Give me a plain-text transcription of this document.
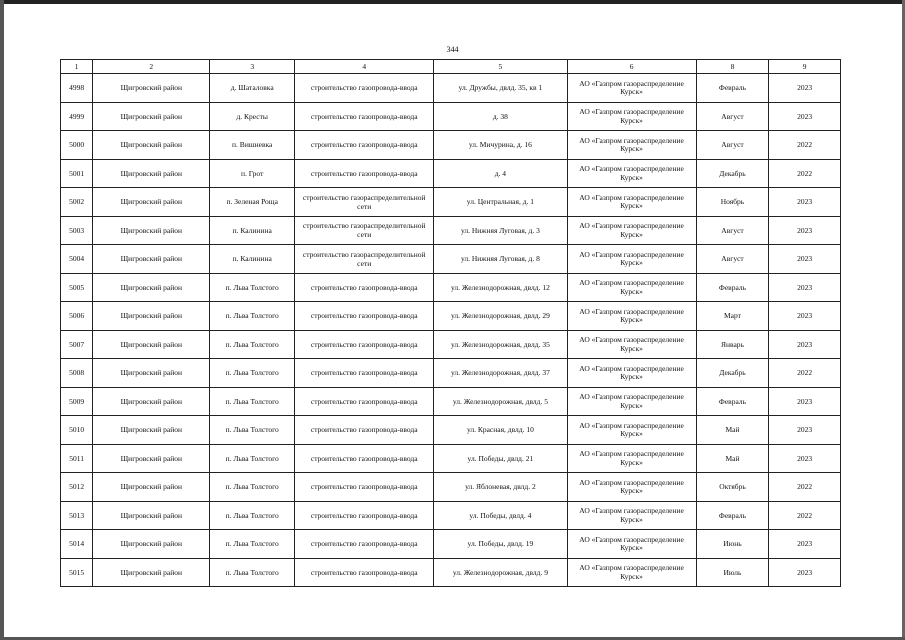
344
1	2	3	4	5	6	8	9
4998	Щигровский район	д. Шаталовка	строительство газопровода-ввода	ул. Дружбы, двлд. 35, кв 1	АО «Газпром газораспределение Курск»	Февраль	2023
4999	Щигровский район	д. Кресты	строительство газопровода-ввода	д. 38	АО «Газпром газораспределение Курск»	Август	2023
5000	Щигровский район	п. Вишневка	строительство газопровода-ввода	ул. Мичурина, д. 16	АО «Газпром газораспределение Курск»	Август	2022
5001	Щигровский район	п. Грот	строительство газопровода-ввода	д. 4	АО «Газпром газораспределение Курск»	Декабрь	2022
5002	Щигровский район	п. Зеленая Роща	строительство газораспределительной сети	ул. Центральная, д. 1	АО «Газпром газораспределение Курск»	Ноябрь	2023
5003	Щигровский район	п. Калинина	строительство газораспределительной сети	ул. Нижняя Луговая, д. 3	АО «Газпром газораспределение Курск»	Август	2023
5004	Щигровский район	п. Калинина	строительство газораспределительной сети	ул. Нижняя Луговая, д. 8	АО «Газпром газораспределение Курск»	Август	2023
5005	Щигровский район	п. Льва Толстого	строительство газопровода-ввода	ул. Железнодорожная, двлд. 12	АО «Газпром газораспределение Курск»	Февраль	2023
5006	Щигровский район	п. Льва Толстого	строительство газопровода-ввода	ул. Железнодорожная, двлд. 29	АО «Газпром газораспределение Курск»	Март	2023
5007	Щигровский район	п. Льва Толстого	строительство газопровода-ввода	ул. Железнодорожная, двлд. 35	АО «Газпром газораспределение Курск»	Январь	2023
5008	Щигровский район	п. Льва Толстого	строительство газопровода-ввода	ул. Железнодорожная, двлд. 37	АО «Газпром газораспределение Курск»	Декабрь	2022
5009	Щигровский район	п. Льва Толстого	строительство газопровода-ввода	ул. Железнодорожная, двлд. 5	АО «Газпром газораспределение Курск»	Февраль	2023
5010	Щигровский район	п. Льва Толстого	строительство газопровода-ввода	ул. Красная, двлд. 10	АО «Газпром газораспределение Курск»	Май	2023
5011	Щигровский район	п. Льва Толстого	строительство газопровода-ввода	ул. Победы, двлд. 21	АО «Газпром газораспределение Курск»	Май	2023
5012	Щигровский район	п. Льва Толстого	строительство газопровода-ввода	ул. Яблоневая, двлд. 2	АО «Газпром газораспределение Курск»	Октябрь	2022
5013	Щигровский район	п. Льва Толстого	строительство газопровода-ввода	ул. Победы, двлд. 4	АО «Газпром газораспределение Курск»	Февраль	2022
5014	Щигровский район	п. Льва Толстого	строительство газопровода-ввода	ул. Победы, двлд. 19	АО «Газпром газораспределение Курск»	Июнь	2023
5015	Щигровский район	п. Льва Толстого	строительство газопровода-ввода	ул. Железнодорожная, двлд. 9	АО «Газпром газораспределение Курск»	Июль	2023
